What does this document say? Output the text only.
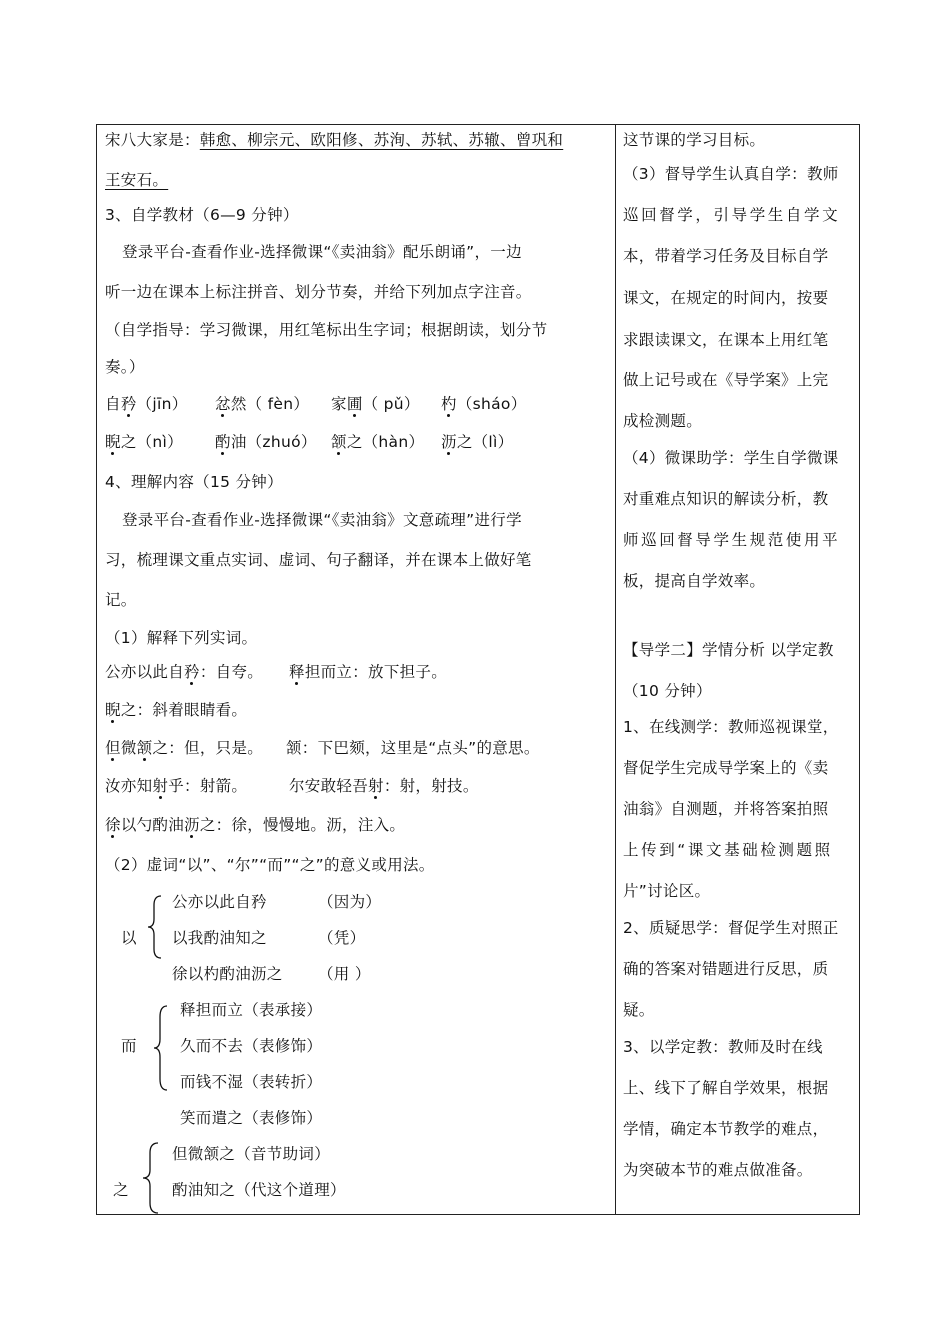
宋八大家是：韩愈、柳宗元、欧阳修、苏洵、苏轼、苏辙、曾巩和
王安石。
3、自学教材（6—9 分钟）
登录平台-查看作业-选择微课“《卖油翁》配乐朗诵”，一边
听一边在课本上标注拼音、划分节奏，并给下列加点字注音。
（自学指导：学习微课，用红笔标出生字词；根据朗读，划分节
奏。）
自矜（jīn） 忿然（ fèn） 家圃（ pǔ） 杓（sháo）
睨之（nì） 酌油（zhuó） 颔之（hàn） 沥之（lì）
4、理解内容（15 分钟）
登录平台-查看作业-选择微课“《卖油翁》文意疏理”进行学
习，梳理课文重点实词、虚词、句子翻译，并在课本上做好笔
记。
（1）解释下列实词。
公亦以此自矜：自夸。 释担而立：放下担子。
睨之：斜着眼睛看。
但微颔之：但，只是。 颔：下巴颏，这里是“点头”的意思。
汝亦知射乎：射箭。	尔安敢轻吾射：射，射技。
徐以勺酌油沥之：徐，慢慢地。沥，注入。
（2）虚词“以”、“尔”“而”“之”的意义或用法。
以
公亦以此自矜	（因为）
以我酌油知之	（凭）
徐以杓酌油沥之 （用 ）
而
释担而立（表承接）
久而不去（表修饰）
而钱不湿（表转折）
笑而遣之（表修饰）
之
但微颔之（音节助词）
酌油知之（代这个道理）
这节课的学习目标。
（3）督导学生认真自学：教师
巡回督学，引导学生自学文
本，带着学习任务及目标自学
课文，在规定的时间内，按要
求跟读课文，在课本上用红笔
做上记号或在《导学案》上完
成检测题。
（4）微课助学：学生自学微课
对重难点知识的解读分析，教
师巡回督导学生规范使用平
板，提高自学效率。
【导学二】学情分析 以学定教
（10 分钟）
1、在线测学：教师巡视课堂，
督促学生完成导学案上的《卖
油翁》自测题，并将答案拍照
上传到“课文基础检测题照
片”讨论区。
2、质疑思学：督促学生对照正
确的答案对错题进行反思，质
疑。
3、以学定教：教师及时在线
上、线下了解自学效果，根据
学情，确定本节教学的难点，
为突破本节的难点做准备。
